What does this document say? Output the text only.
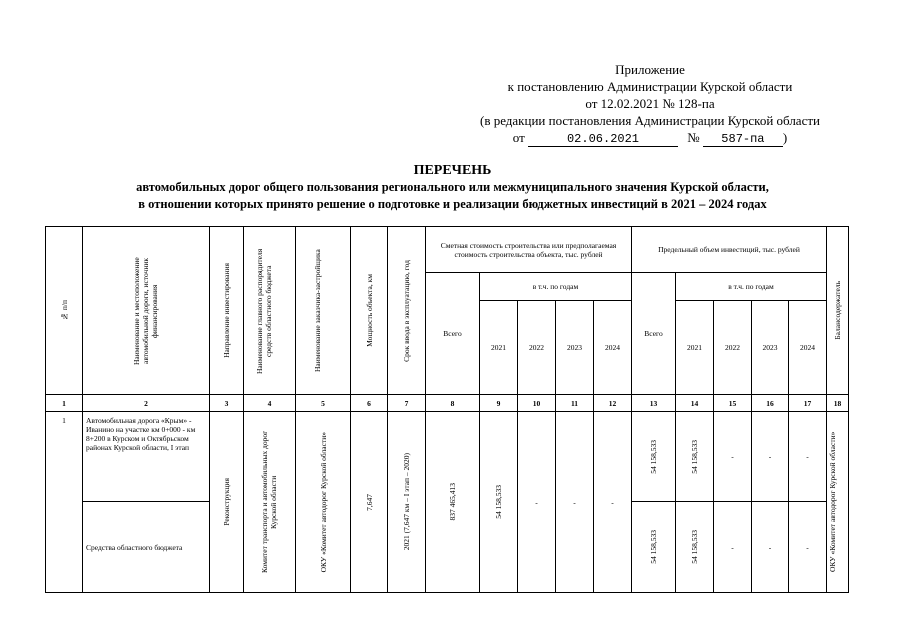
Приложение
к постановлению Администрации Курской области
от 12.02.2021 № 128-па
(в редакции постановления Администрации Курской области
от	02.06.2021	№ 587-па )
ПЕРЕЧЕНЬ
автомобильных дорог общего пользования регионального или межмуниципального значения Курской области,
в отношении которых принято решение о подготовке и реализации бюджетных инвестиций в 2021 – 2024 годах
№ п/п	Наименование и местоположение автомобильной дороги, источник финансирования	Направление инвестирования	Наименование главного распорядителя средств областного бюджета	Наименование заказчика-застройщика	Мощность объекта, км	Срок ввода в эксплуатацию, год	Сметная стоимость строительства или предполагаемая стоимость строительства объекта, тыс. рублей					Предельный объем инвестиций, тыс. рублей					Балансодержатель

							Всего	в т.ч. по годам				Всего	в т.ч. по годам				
								2021	2022	2023	2024		2021	2022	2023	2024	
1	2	3	4	5	6	7	8	9	10	11	12	13	14	15	16	17	18
1	Автомобильная дорога «Крым» - Иванино на участке км 0+000 - км 8+200 в Курском и Октябрьском районах Курской области, I этап	Реконструкция	Комитет транспорта и автомобильных дорог Курской области	ОКУ «Комитет автодорог Курской области»	7,647	2021 (7,647 км – I этап – 2020)	837 465,413	54 158,533	-	-	-	54 158,533	54 158,533	-	-	-	ОКУ «Комитет автодорог Курской области»

	Средства областного бюджета											54 158,533	54 158,533	-	-	-	
